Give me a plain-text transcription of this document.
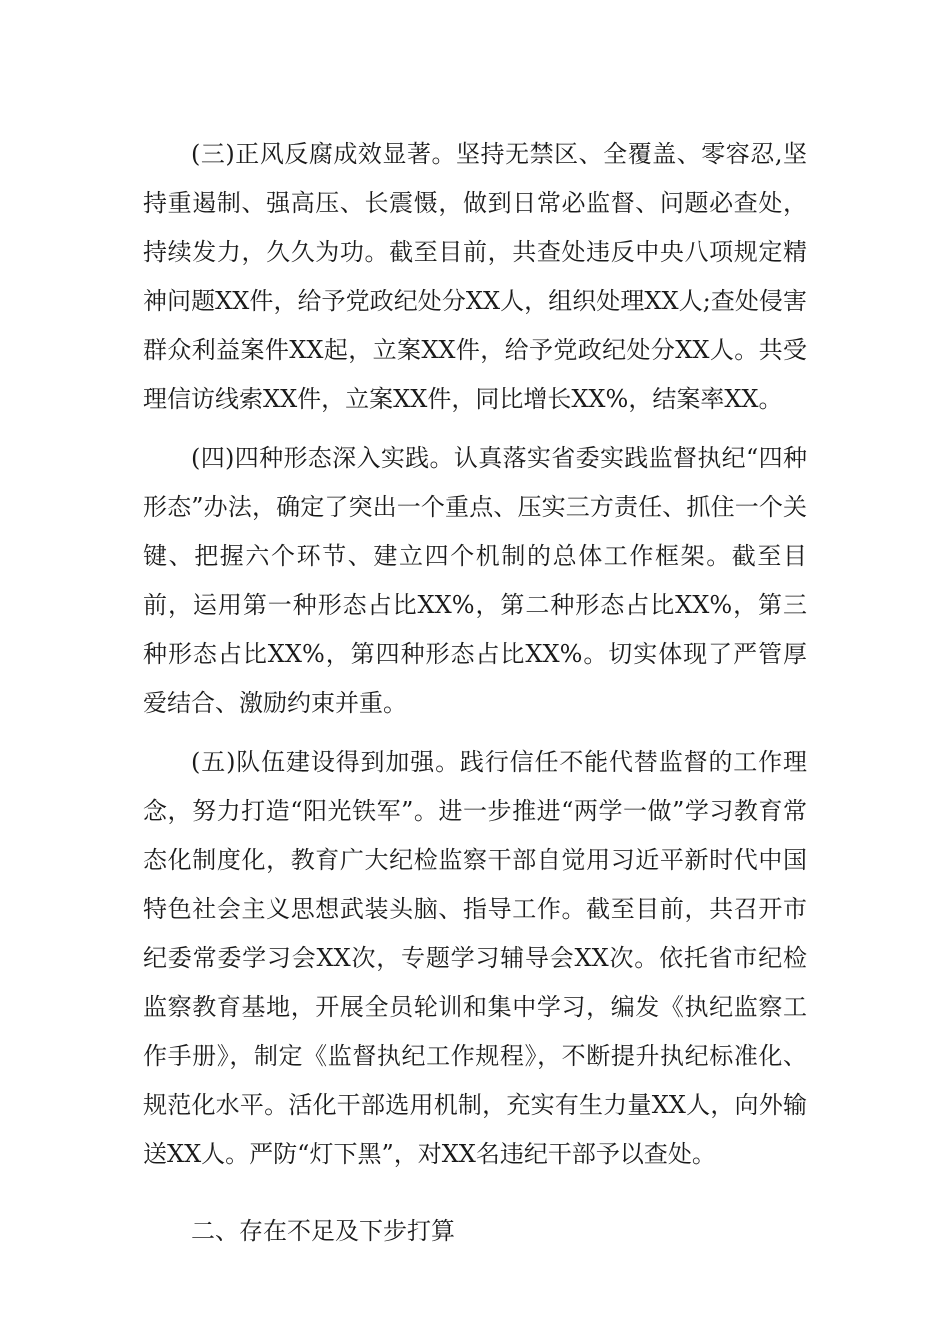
(三)正风反腐成效显著。坚持无禁区、全覆盖、零容忍,坚持重遏制、强高压、长震慑，做到日常必监督、问题必查处，持续发力，久久为功。截至目前，共查处违反中央八项规定精神问题XX件，给予党政纪处分XX人，组织处理XX人;查处侵害群众利益案件XX起，立案XX件，给予党政纪处分XX人。共受理信访线索XX件，立案XX件，同比增长XX%，结案率XX。

(四)四种形态深入实践。认真落实省委实践监督执纪“四种形态”办法，确定了突出一个重点、压实三方责任、抓住一个关键、把握六个环节、建立四个机制的总体工作框架。截至目前，运用第一种形态占比XX%，第二种形态占比XX%，第三种形态占比XX%，第四种形态占比XX%。切实体现了严管厚爱结合、激励约束并重。

(五)队伍建设得到加强。践行信任不能代替监督的工作理念，努力打造“阳光铁军”。进一步推进“两学一做”学习教育常态化制度化，教育广大纪检监察干部自觉用习近平新时代中国特色社会主义思想武装头脑、指导工作。截至目前，共召开市纪委常委学习会XX次，专题学习辅导会XX次。依托省市纪检监察教育基地，开展全员轮训和集中学习，编发《执纪监察工作手册》，制定《监督执纪工作规程》，不断提升执纪标准化、规范化水平。活化干部选用机制，充实有生力量XX人，向外输送XX人。严防“灯下黑”，对XX名违纪干部予以查处。

二、存在不足及下步打算
